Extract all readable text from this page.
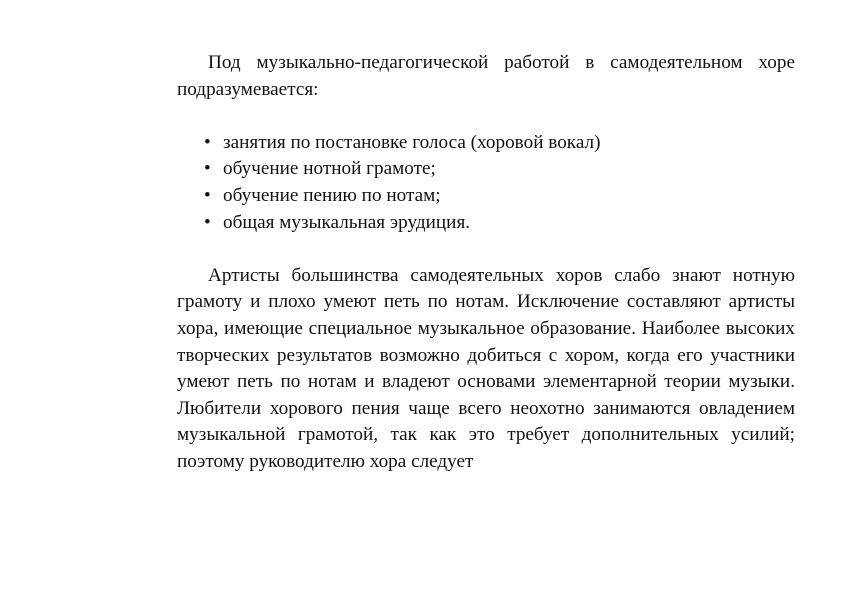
Под музыкально-педагогической работой в самодеятельном хоре подразумевается:

• занятия по постановке голоса (хоровой вокал)
• обучение нотной грамоте;
• обучение пению по нотам;
• общая музыкальная эрудиция.

Артисты большинства самодеятельных хоров слабо знают нотную грамоту и плохо умеют петь по нотам. Исключение составляют артисты хора, имеющие специальное музыкальное образование. Наиболее высоких творческих результатов возможно добиться с хором, когда его участники умеют петь по нотам и владеют основами элементарной теории музыки. Любители хорового пения чаще всего неохотно занимаются овладением музыкальной грамотой, так как это требует дополнительных усилий; поэтому руководителю хора следует
